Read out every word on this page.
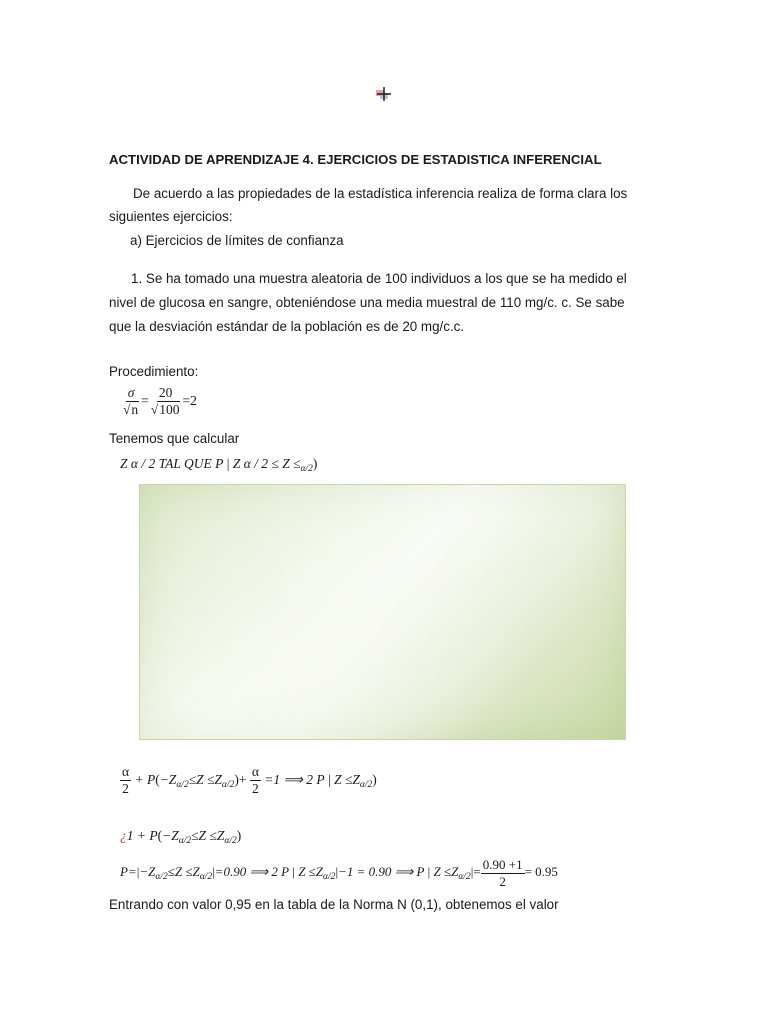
ACTIVIDAD DE APRENDIZAJE 4. EJERCICIOS DE ESTADISTICA INFERENCIAL
De acuerdo a las propiedades de la estadística inferencia realiza de forma clara los
siguientes ejercicios:
a) Ejercicios de límites de confianza
1. Se ha tomado una muestra aleatoria de 100 individuos a los que se ha medido el
nivel de glucosa en sangre, obteniéndose una media muestral de 110 mg/c. c. Se sabe
que la desviación estándar de la población es de 20 mg/c.c.
Procedimiento:
$\frac{\sigma}{√n} = \frac{20}{√100} =2$
Tenemos que calcular
Z α / 2 TAL QUE P | Z $\alpha / 2 \le Z \le_{\alpha/2}$)
$\frac{\alpha}{2} + P(-Z_{\alpha/2}\le Z \le Z_{\alpha/2})+ \frac{\alpha}{2} =1$ ⟹ 2 P | $Z \le Z_{\alpha/2}$)
¿$1 + P(-Z_{\alpha/2}\le Z \le Z_{\alpha/2})$
$P=|-Z_{\alpha/2}\le Z \le Z_{\alpha/2}|=0.90$ ⟹ 2 P | $Z \le Z_{\alpha/2}|-1 = 0.90$ ⟹ P | $Z \le Z_{\alpha/2}|= \frac{0.90 +1}{2} = 0.95$
Entrando con valor 0,95 en la tabla de la Norma N (0,1), obtenemos el valor
